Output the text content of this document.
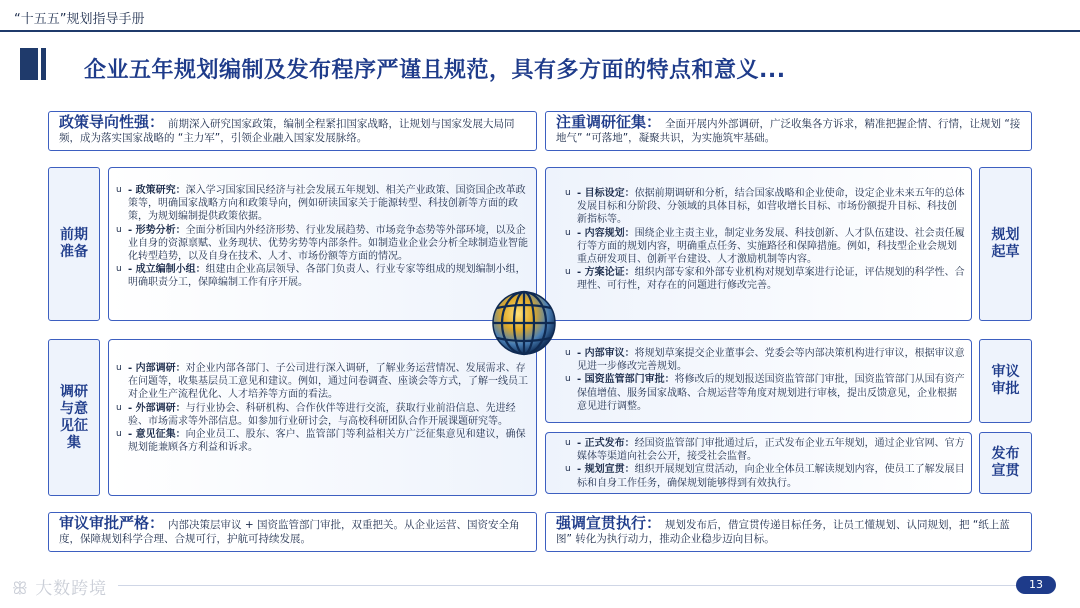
“十五五”规划指导手册
企业五年规划编制及发布程序严谨且规范，具有多方面的特点和意义...
政策导向性强： 前期深入研究国家政策，编制全程紧扣国家战略，让规划与国家发展大局同频，成为落实国家战略的 “主力军”，引领企业融入国家发展脉络。
注重调研征集： 全面开展内外部调研，广泛收集各方诉求，精准把握企情、行情，让规划 “接地气” “可落地”，凝聚共识，为实施筑牢基础。
前期准备
调研与意见征集
规划起草
审议审批
发布宣贯
u - 政策研究：深入学习国家国民经济与社会发展五年规划、相关产业政策、国资国企改革政策等，明确国家战略方向和政策导向，例如研读国家关于能源转型、科技创新等方面的政策，为规划编制提供政策依据。

u - 形势分析：全面分析国内外经济形势、行业发展趋势、市场竞争态势等外部环境，以及企业自身的资源禀赋、业务现状、优势劣势等内部条件。如制造业企业会分析全球制造业智能化转型趋势，以及自身在技术、人才、市场份额等方面的情况。

u - 成立编制小组：组建由企业高层领导、各部门负责人、行业专家等组成的规划编制小组，明确职责分工，保障编制工作有序开展。

u - 内部调研：对企业内部各部门、子公司进行深入调研，了解业务运营情况、发展需求、存在问题等，收集基层员工意见和建议。例如，通过问卷调查、座谈会等方式，了解一线员工对企业生产流程优化、人才培养等方面的看法。

u - 外部调研：与行业协会、科研机构、合作伙伴等进行交流，获取行业前沿信息、先进经验、市场需求等外部信息。如参加行业研讨会，与高校科研团队合作开展课题研究等。

u - 意见征集：向企业员工、股东、客户、监管部门等利益相关方广泛征集意见和建议，确保规划能兼顾各方利益和诉求。

u - 目标设定：依据前期调研和分析，结合国家战略和企业使命，设定企业未来五年的总体发展目标和分阶段、分领域的具体目标，如营收增长目标、市场份额提升目标、科技创新指标等。

u - 内容规划：围绕企业主责主业，制定业务发展、科技创新、人才队伍建设、社会责任履行等方面的规划内容，明确重点任务、实施路径和保障措施。例如，科技型企业会规划重点研发项目、创新平台建设、人才激励机制等内容。

u - 方案论证：组织内部专家和外部专业机构对规划草案进行论证，评估规划的科学性、合理性、可行性，对存在的问题进行修改完善。

u - 内部审议：将规划草案提交企业董事会、党委会等内部决策机构进行审议，根据审议意见进一步修改完善规划。

u - 国资监管部门审批：将修改后的规划报送国资监管部门审批，国资监管部门从国有资产保值增值、服务国家战略、合规运营等角度对规划进行审核，提出反馈意见，企业根据意见进行调整。

u - 正式发布：经国资监管部门审批通过后，正式发布企业五年规划，通过企业官网、官方媒体等渠道向社会公开，接受社会监督。

u - 规划宣贯：组织开展规划宣贯活动，向企业全体员工解读规划内容，使员工了解发展目标和自身工作任务，确保规划能够得到有效执行。

审议审批严格： 内部决策层审议 + 国资监管部门审批，双重把关。从企业运营、国资安全角度，保障规划科学合理、合规可行，护航可持续发展。
强调宣贯执行： 规划发布后，借宣贯传递目标任务，让员工懂规划、认同规划，把 “纸上蓝图” 转化为执行动力，推动企业稳步迈向目标。
ꕥ 大数跨境	13
